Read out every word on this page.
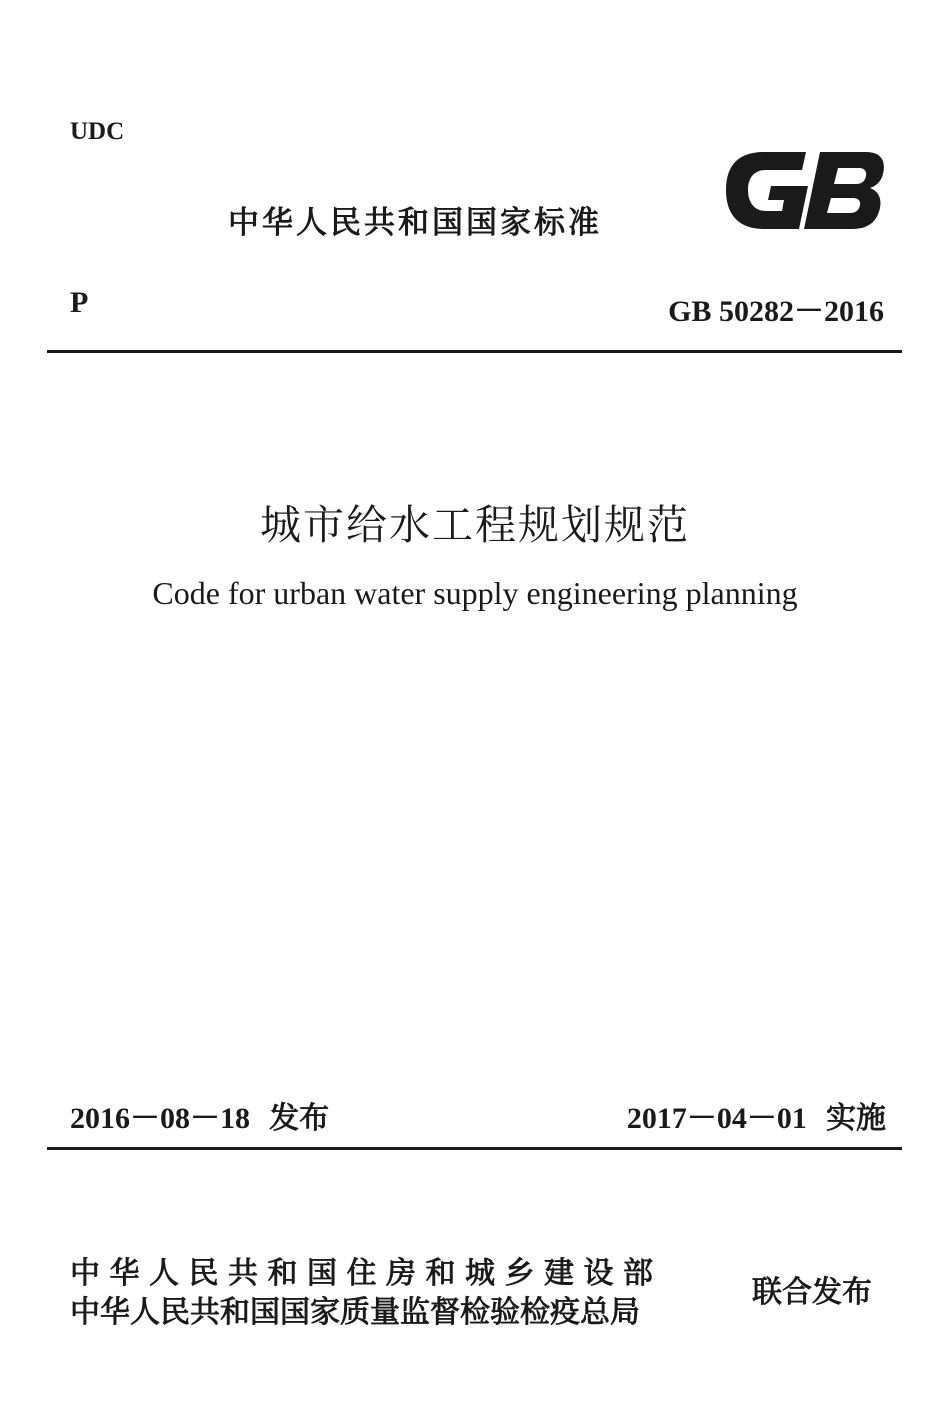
UDC
中华人民共和国国家标准
P	GB 50282－2016
城市给水工程规划规范
Code for urban water supply engineering planning
2016－08－18 发布	2017－04－01 实施
中华人民共和国住房和城乡建设部
中华人民共和国国家质量监督检验检疫总局
联合发布
